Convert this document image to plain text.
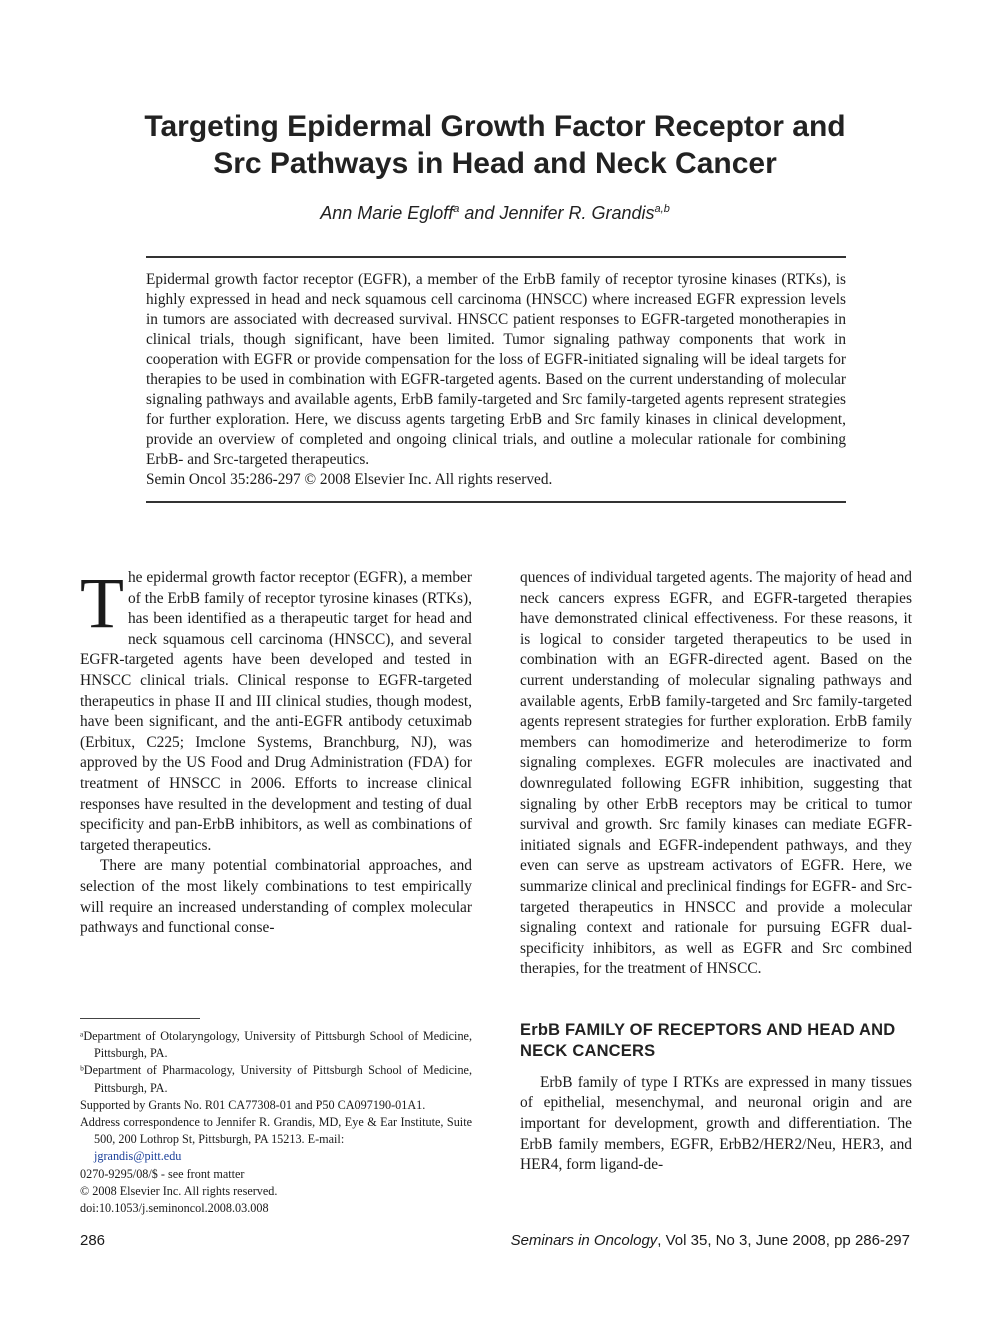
Targeting Epidermal Growth Factor Receptor and
Src Pathways in Head and Neck Cancer
Ann Marie Egloff$^a$ and Jennifer R. Grandis$^{a,b}$

Epidermal growth factor receptor (EGFR), a member of the ErbB family of receptor tyrosine kinases (RTKs), is highly expressed in head and neck squamous cell carcinoma (HNSCC) where increased EGFR expression levels in tumors are associated with decreased survival. HNSCC patient responses to EGFR-targeted monotherapies in clinical trials, though significant, have been limited. Tumor signaling pathway components that work in cooperation with EGFR or provide compensation for the loss of EGFR-initiated signaling will be ideal targets for therapies to be used in combination with EGFR-targeted agents. Based on the current understanding of molecular signaling pathways and available agents, ErbB family-targeted and Src family-targeted agents represent strategies for further exploration. Here, we discuss agents targeting ErbB and Src family kinases in clinical development, provide an overview of completed and ongoing clinical trials, and outline a molecular rationale for combining ErbB- and Src-targeted therapeutics.

Semin Oncol 35:286-297 © 2008 Elsevier Inc. All rights reserved.

The epidermal growth factor receptor (EGFR), a member of the ErbB family of receptor tyrosine kinases (RTKs), has been identified as a therapeutic target for head and neck squamous cell carcinoma (HNSCC), and several EGFR-targeted agents have been developed and tested in HNSCC clinical trials. Clinical response to EGFR-targeted therapeutics in phase II and III clinical studies, though modest, have been significant, and the anti-EGFR antibody cetuximab (Erbitux, C225; Imclone Systems, Branchburg, NJ), was approved by the US Food and Drug Administration (FDA) for treatment of HNSCC in 2006. Efforts to increase clinical responses have resulted in the development and testing of dual specificity and pan-ErbB inhibitors, as well as combinations of targeted therapeutics.

There are many potential combinatorial approaches, and selection of the most likely combinations to test empirically will require an increased understanding of complex molecular pathways and functional conse-

quences of individual targeted agents. The majority of head and neck cancers express EGFR, and EGFR-targeted therapies have demonstrated clinical effectiveness. For these reasons, it is logical to consider targeted therapeutics to be used in combination with an EGFR-directed agent. Based on the current understanding of molecular signaling pathways and available agents, ErbB family-targeted and Src family-targeted agents represent strategies for further exploration. ErbB family members can homodimerize and heterodimerize to form signaling complexes. EGFR molecules are inactivated and downregulated following EGFR inhibition, suggesting that signaling by other ErbB receptors may be critical to tumor survival and growth. Src family kinases can mediate EGFR-initiated signals and EGFR-independent pathways, and they even can serve as upstream activators of EGFR. Here, we summarize clinical and preclinical findings for EGFR- and Src-targeted therapeutics in HNSCC and provide a molecular signaling context and rationale for pursuing EGFR dual-specificity inhibitors, as well as EGFR and Src combined therapies, for the treatment of HNSCC.

ErbB FAMILY OF RECEPTORS AND HEAD AND NECK CANCERS

ErbB family of type I RTKs are expressed in many tissues of epithelial, mesenchymal, and neuronal origin and are important for development, growth and differentiation. The ErbB family members, EGFR, ErbB2/HER2/Neu, HER3, and HER4, form ligand-de-

ᵃDepartment of Otolaryngology, University of Pittsburgh School of Medicine, Pittsburgh, PA.
ᵇDepartment of Pharmacology, University of Pittsburgh School of Medicine, Pittsburgh, PA.
Supported by Grants No. R01 CA77308-01 and P50 CA097190-01A1.
Address correspondence to Jennifer R. Grandis, MD, Eye & Ear Institute, Suite 500, 200 Lothrop St, Pittsburgh, PA 15213. E-mail:
jgrandis@pitt.edu
0270-9295/08/$ - see front matter
© 2008 Elsevier Inc. All rights reserved.
doi:10.1053/j.seminoncol.2008.03.008
286	Seminars in Oncology, Vol 35, No 3, June 2008, pp 286-297
